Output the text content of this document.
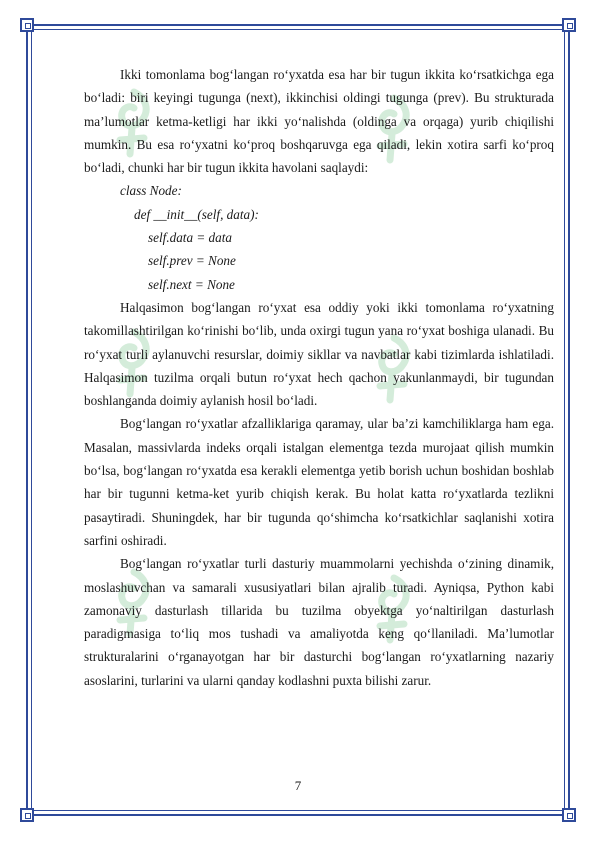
Ikki tomonlama bog‘langan ro‘yxatda esa har bir tugun ikkita ko‘rsatkichga ega bo‘ladi: biri keyingi tugunga (next), ikkinchisi oldingi tugunga (prev). Bu strukturada ma’lumotlar ketma-ketligi har ikki yo‘nalishda (oldinga va orqaga) yurib chiqilishi mumkin. Bu esa ro‘yxatni ko‘proq boshqaruvga ega qiladi, lekin xotira sarfi ko‘proq bo‘ladi, chunki har bir tugun ikkita havolani saqlaydi:

class Node:
def __init__(self, data):
self.data = data
self.prev = None
self.next = None

Halqasimon bog‘langan ro‘yxat esa oddiy yoki ikki tomonlama ro‘yxatning takomillashtirilgan ko‘rinishi bo‘lib, unda oxirgi tugun yana ro‘yxat boshiga ulanadi. Bu ro‘yxat turli aylanuvchi resurslar, doimiy sikllar va navbatlar kabi tizimlarda ishlatiladi. Halqasimon tuzilma orqali butun ro‘yxat hech qachon yakunlanmaydi, bir tugundan boshlanganda doimiy aylanish hosil bo‘ladi.

Bog‘langan ro‘yxatlar afzalliklariga qaramay, ular ba’zi kamchiliklarga ham ega. Masalan, massivlarda indeks orqali istalgan elementga tezda murojaat qilish mumkin bo‘lsa, bog‘langan ro‘yxatda esa kerakli elementga yetib borish uchun boshidan boshlab har bir tugunni ketma-ket yurib chiqish kerak. Bu holat katta ro‘yxatlarda tezlikni pasaytiradi. Shuningdek, har bir tugunda qo‘shimcha ko‘rsatkichlar saqlanishi xotira sarfini oshiradi.

Bog‘langan ro‘yxatlar turli dasturiy muammolarni yechishda o‘zining dinamik, moslashuvchan va samarali xususiyatlari bilan ajralib turadi. Ayniqsa, Python kabi zamonaviy dasturlash tillarida bu tuzilma obyektga yo‘naltirilgan dasturlash paradigmasiga to‘liq mos tushadi va amaliyotda keng qo‘llaniladi. Ma’lumotlar strukturalarini o‘rganayotgan har bir dasturchi bog‘langan ro‘yxatlarning nazariy asoslarini, turlarini va ularni qanday kodlashni puxta bilishi zarur.

7
